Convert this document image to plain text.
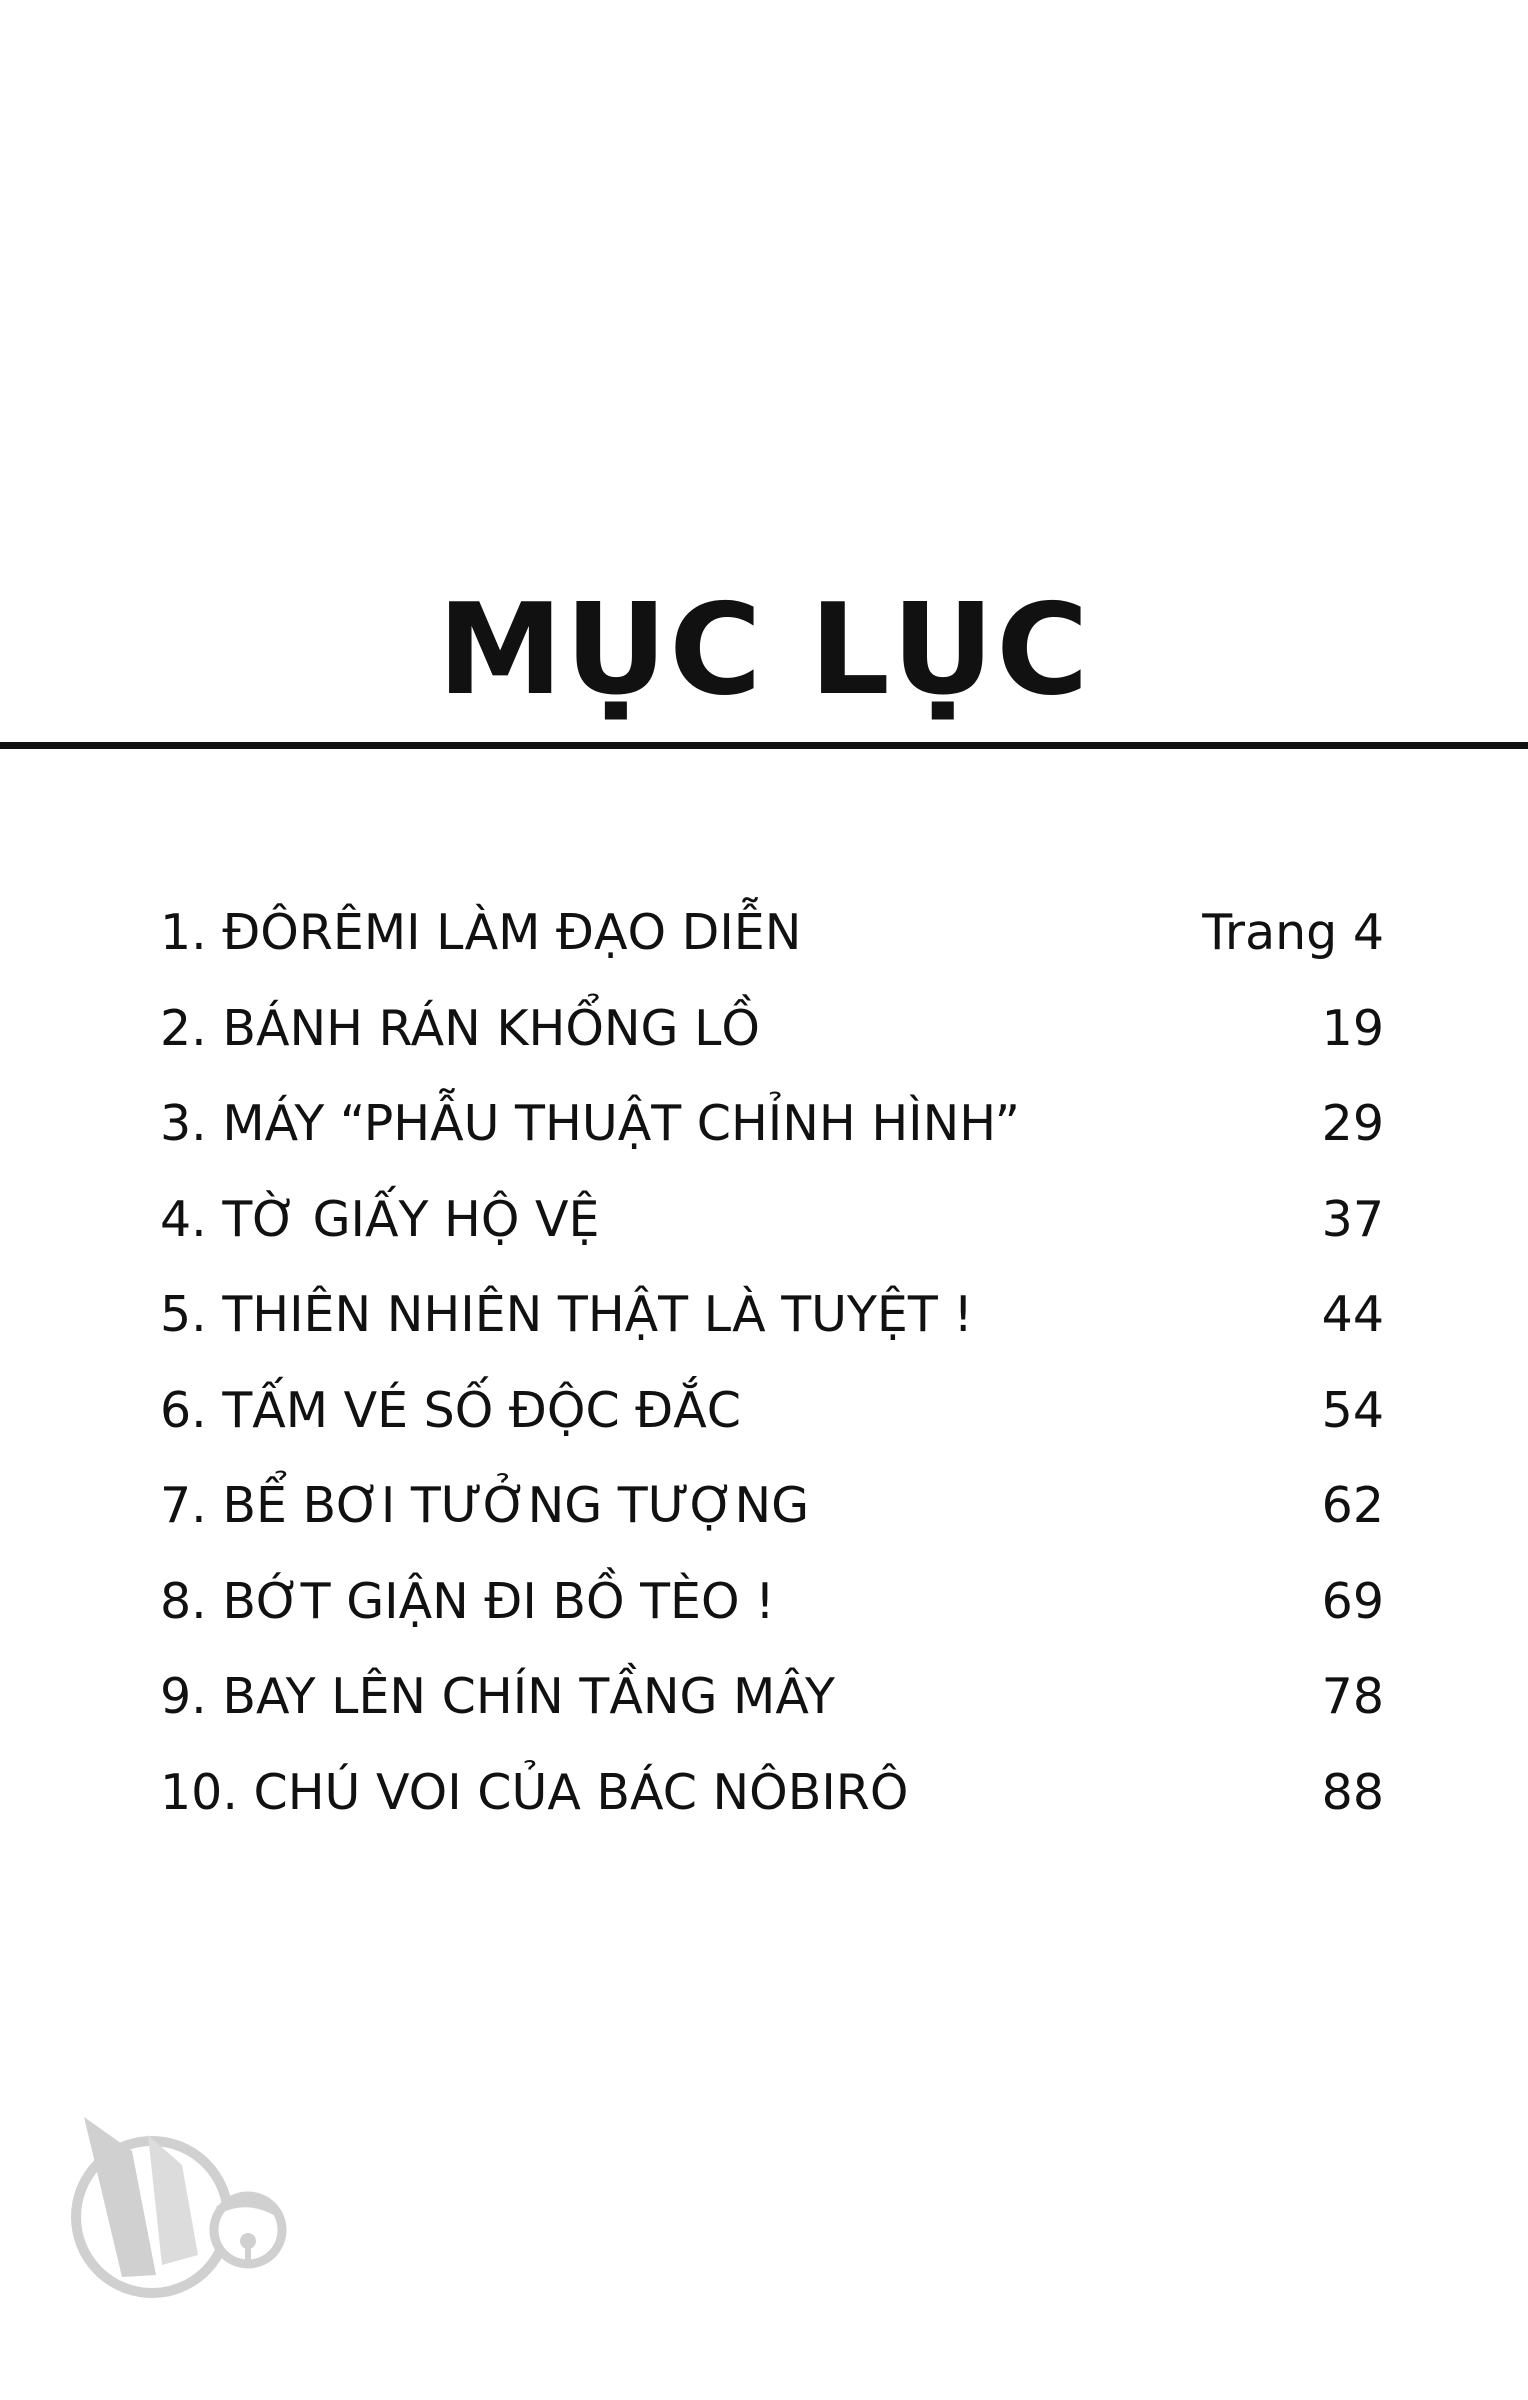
MỤC LỤC
1. ĐÔRÊMI LÀM ĐẠO DIỄN	Trang 4
2. BÁNH RÁN KHỔNG LỒ	19
3. MÁY “PHẪU THUẬT CHỈNH HÌNH”	29
4. TỜ GIẤY HỘ VỆ	37
5. THIÊN NHIÊN THẬT LÀ TUYỆT !	44
6. TẤM VÉ SỐ ĐỘC ĐẮC	54
7. BỂ BƠI TƯỞNG TƯỢNG	62
8. BỚT GIẬN ĐI BỒ TÈO !	69
9. BAY LÊN CHÍN TẦNG MÂY	78
10. CHÚ VOI CỦA BÁC NÔBIRÔ	88
